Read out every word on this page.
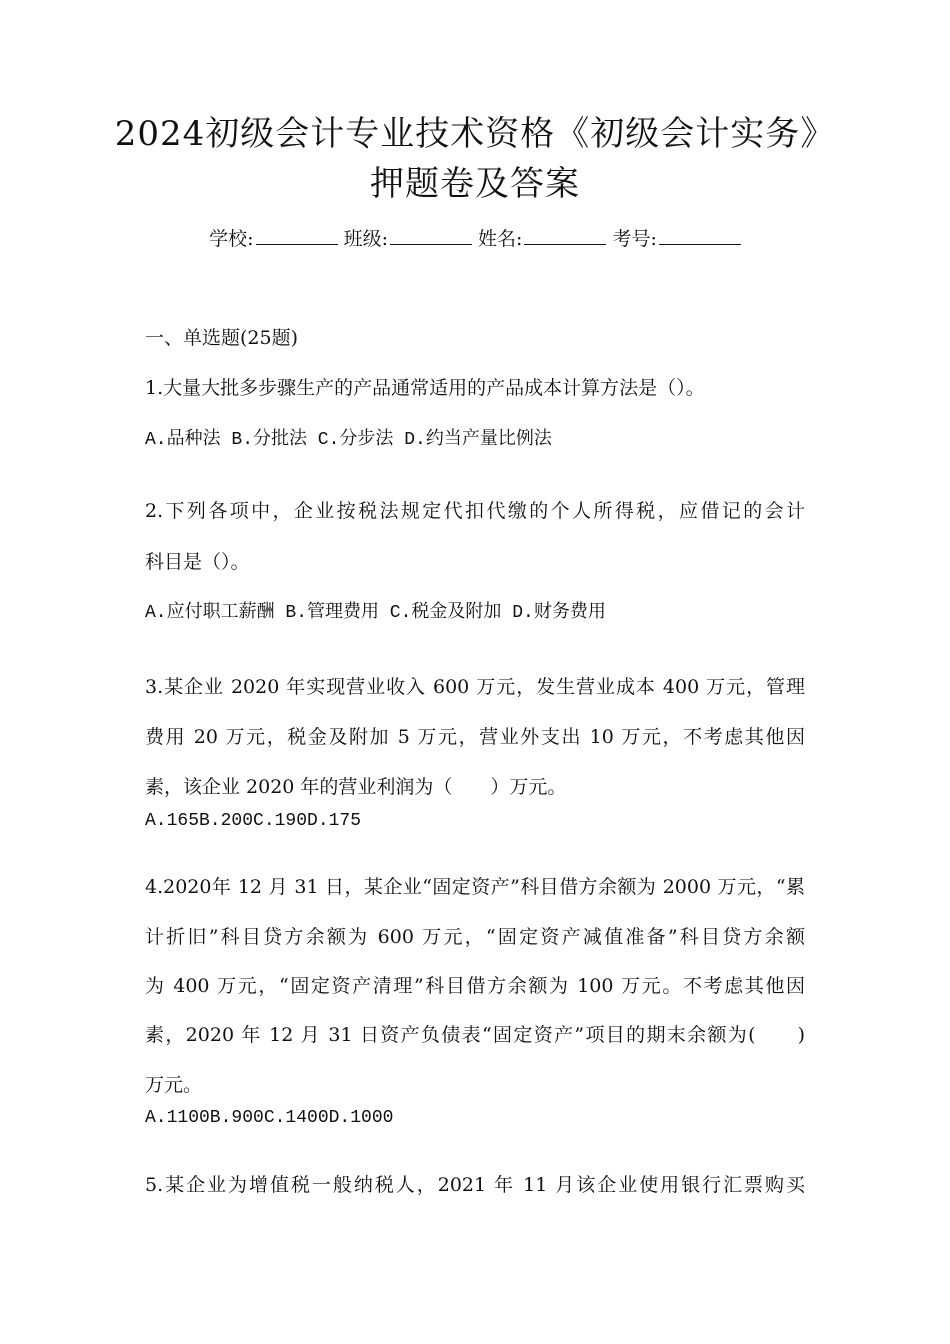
2024初级会计专业技术资格《初级会计实务》
押题卷及答案
学校:	班级:	姓名:	考号:
一、单选题(25题)
1.大量大批多步骤生产的产品通常适用的产品成本计算方法是（）。
A.品种法 B.分批法 C.分步法 D.约当产量比例法
2.下列各项中，企业按税法规定代扣代缴的个人所得税，应借记的会计
科目是（）。
A.应付职工薪酬 B.管理费用 C.税金及附加 D.财务费用
3.某企业 2020 年实现营业收入 600 万元，发生营业成本 400 万元，管理
费用 20 万元，税金及附加 5 万元，营业外支出 10 万元，不考虑其他因
素，该企业 2020 年的营业利润为（　　）万元。
A.165B.200C.190D.175
4.2020年 12 月 31 日，某企业“固定资产”科目借方余额为 2000 万元，“累
计折旧”科目贷方余额为 600 万元，“固定资产减值准备”科目贷方余额
为 400 万元，“固定资产清理”科目借方余额为 100 万元。不考虑其他因
素，2020 年 12 月 31 日资产负债表“固定资产”项目的期末余额为(　　)
万元。
A.1100B.900C.1400D.1000
5.某企业为增值税一般纳税人，2021 年 11 月该企业使用银行汇票购买
